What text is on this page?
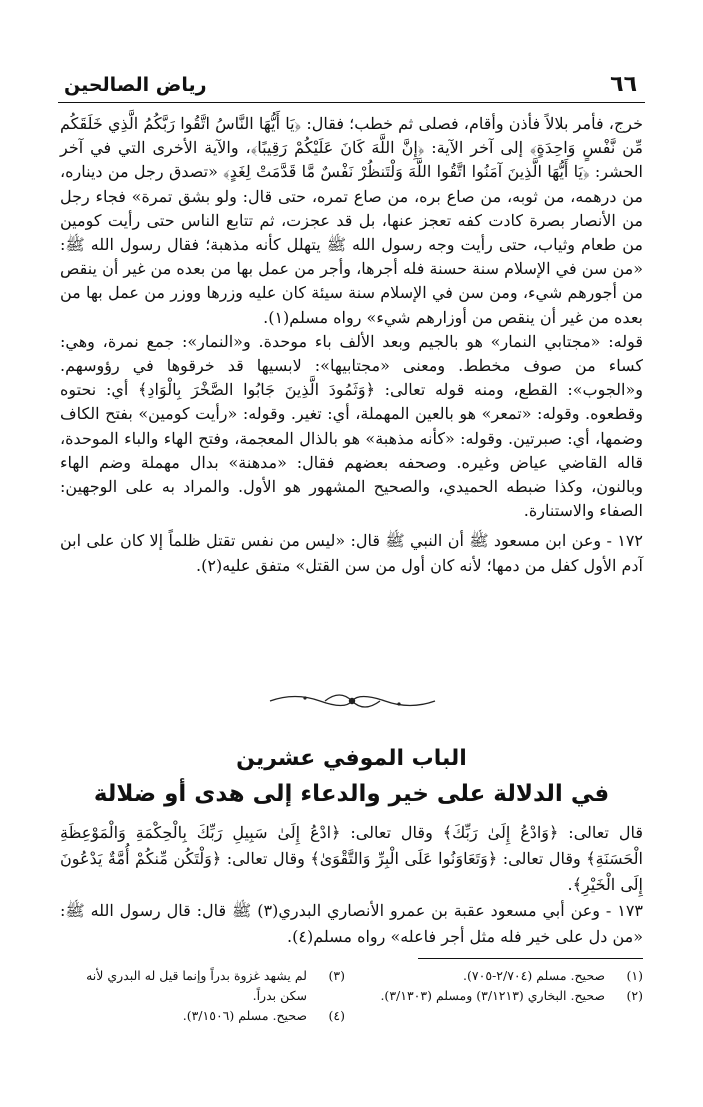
٦٦
رياض الصالحين

خرج، فأمر بلالاً فأذن وأقام، فصلى ثم خطب؛ فقال: ﴿يَا أَيُّهَا النَّاسُ اتَّقُوا رَبَّكُمُ الَّذِي خَلَقَكُم مِّن نَّفْسٍ وَاحِدَةٍ﴾ إلى آخر الآية: ﴿إِنَّ اللَّهَ كَانَ عَلَيْكُمْ رَقِيبًا﴾، والآية الأخرى التي في آخر الحشر: ﴿يَا أَيُّهَا الَّذِينَ آمَنُوا اتَّقُوا اللَّهَ وَلْتَنظُرْ نَفْسٌ مَّا قَدَّمَتْ لِغَدٍ﴾ «تصدق رجل من ديناره، من درهمه، من ثوبه، من صاع بره، من صاع تمره، حتى قال: ولو بشق تمرة» فجاء رجل من الأنصار بصرة كادت كفه تعجز عنها، بل قد عجزت، ثم تتابع الناس حتى رأيت كومين من طعام وثياب، حتى رأيت وجه رسول الله ﷺ يتهلل كأنه مذهبة؛ فقال رسول الله ﷺ: «من سن في الإسلام سنة حسنة فله أجرها، وأجر من عمل بها من بعده من غير أن ينقص من أجورهم شيء، ومن سن في الإسلام سنة سيئة كان عليه وزرها ووزر من عمل بها من بعده من غير أن ينقص من أوزارهم شيء» رواه مسلم(١).

قوله: «مجتابي النمار» هو بالجيم وبعد الألف باء موحدة. و«النمار»: جمع نمرة، وهي: كساء من صوف مخطط. ومعنى «مجتابيها»: لابسيها قد خرقوها في رؤوسهم. و«الجوب»: القطع، ومنه قوله تعالى: ﴿وَثَمُودَ الَّذِينَ جَابُوا الصَّخْرَ بِالْوَادِ﴾ أي: نحتوه وقطعوه. وقوله: «تمعر» هو بالعين المهملة، أي: تغير. وقوله: «رأيت كومين» بفتح الكاف وضمها، أي: صبرتين. وقوله: «كأنه مذهبة» هو بالذال المعجمة، وفتح الهاء والباء الموحدة، قاله القاضي عياض وغيره. وصحفه بعضهم فقال: «مدهنة» بدال مهملة وضم الهاء وبالنون، وكذا ضبطه الحميدي، والصحيح المشهور هو الأول. والمراد به على الوجهين: الصفاء والاستنارة.

١٧٢ - وعن ابن مسعود ﷺ أن النبي ﷺ قال: «ليس من نفس تقتل ظلماً إلا كان على ابن آدم الأول كفل من دمها؛ لأنه كان أول من سن القتل» متفق عليه(٢).

الباب الموفي عشرين
في الدلالة على خير والدعاء إلى هدى أو ضلالة

قال تعالى: ﴿وَادْعُ إِلَىٰ رَبِّكَ﴾ وقال تعالى: ﴿ادْعُ إِلَىٰ سَبِيلِ رَبِّكَ بِالْحِكْمَةِ وَالْمَوْعِظَةِ الْحَسَنَةِ﴾ وقال تعالى: ﴿وَتَعَاوَنُوا عَلَى الْبِرِّ وَالتَّقْوَىٰ﴾ وقال تعالى: ﴿وَلْتَكُن مِّنكُمْ أُمَّةٌ يَدْعُونَ إِلَى الْخَيْرِ﴾.

١٧٣ - وعن أبي مسعود عقبة بن عمرو الأنصاري البدري(٣) ﷺ قال: قال رسول الله ﷺ: «من دل على خير فله مثل أجر فاعله» رواه مسلم(٤).

(١)
صحيح. مسلم (٢/٧٠٤-٧٠٥).
(٢)
صحيح. البخاري (٣/١٢١٣) ومسلم (٣/١٣٠٣).
(٣)
لم يشهد غزوة بدراً وإنما قيل له البدري لأنه سكن بدراً.
(٤)
صحيح. مسلم (٣/١٥٠٦).
